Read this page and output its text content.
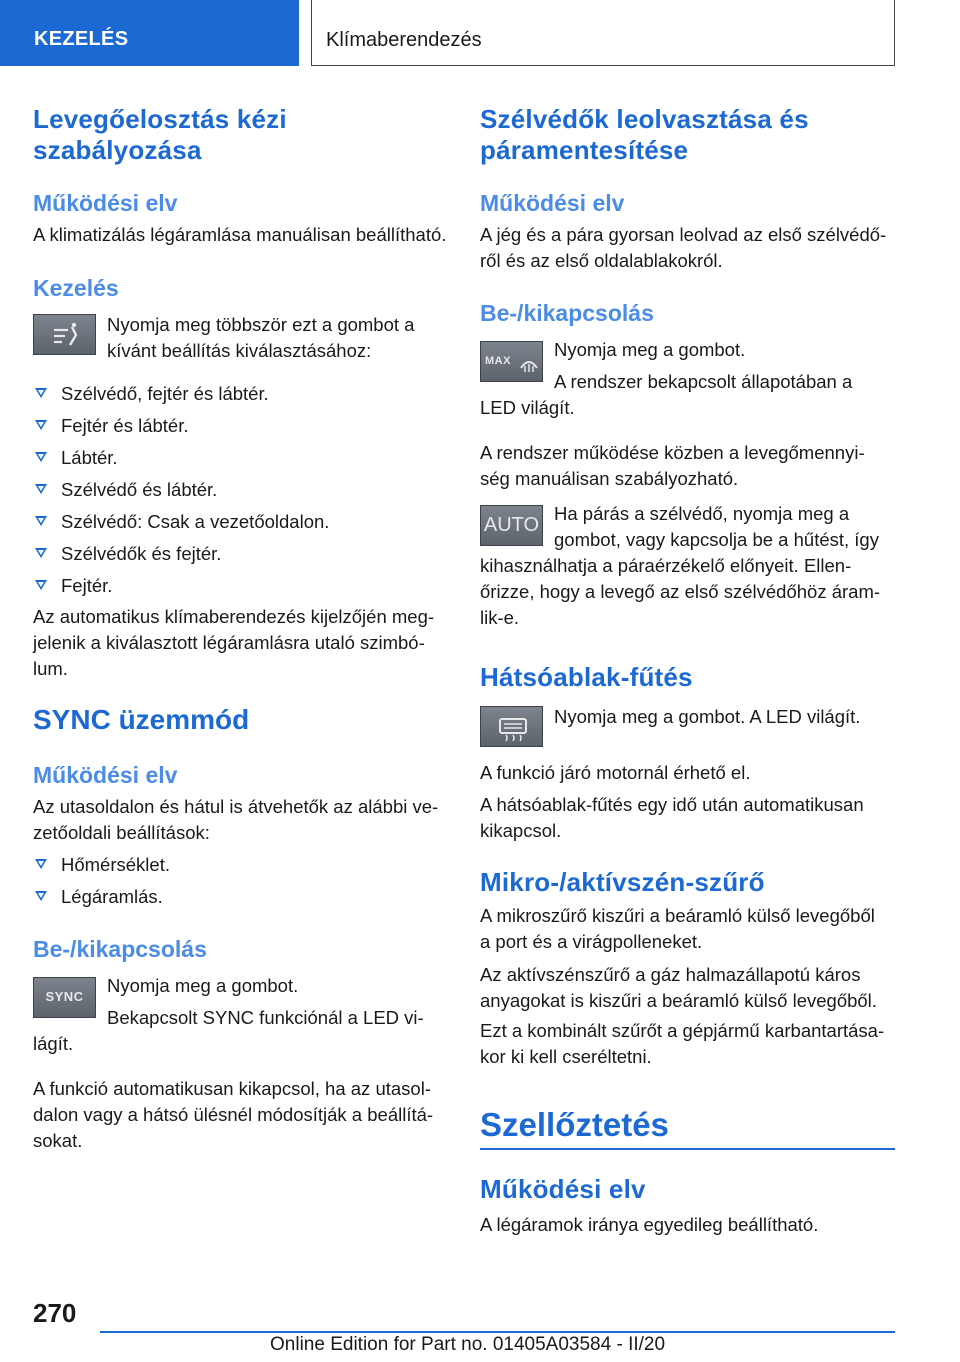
KEZELÉS	Klímaberendezés
Levegőelosztás kézi
szabályozása
Működési elv
A klimatizálás légáramlása manuálisan beállítható.
Kezelés
Nyomja meg többször ezt a gombot a
kívánt beállítás kiválasztásához:
Szélvédő, fejtér és lábtér.
Fejtér és lábtér.
Lábtér.
Szélvédő és lábtér.
Szélvédő: Csak a vezetőoldalon.
Szélvédők és fejtér.
Fejtér.
Az automatikus klímaberendezés kijelzőjén meg-
jelenik a kiválasztott légáramlásra utaló szimbó-
lum.
SYNC üzemmód
Működési elv
Az utasoldalon és hátul is átvehetők az alábbi ve-
zetőoldali beállítások:
Hőmérséklet.
Légáramlás.
Be-/kikapcsolás
SYNC
Nyomja meg a gombot.
Bekapcsolt SYNC funkciónál a LED vi-
lágít.
A funkció automatikusan kikapcsol, ha az utasol-
dalon vagy a hátsó ülésnél módosítják a beállítá-
sokat.
Szélvédők leolvasztása és
páramentesítése
Működési elv
A jég és a pára gyorsan leolvad az első szélvédő-
ről és az első oldalablakokról.
Be-/kikapcsolás
MAX
Nyomja meg a gombot.
A rendszer bekapcsolt állapotában a
LED világít.
A rendszer működése közben a levegőmennyi-
ség manuálisan szabályozható.
AUTO
Ha párás a szélvédő, nyomja meg a
gombot, vagy kapcsolja be a hűtést, így
kihasználhatja a páraérzékelő előnyeit. Ellen-
őrizze, hogy a levegő az első szélvédőhöz áram-
lik-e.
Hátsóablak-fűtés
Nyomja meg a gombot. A LED világít.
A funkció járó motornál érhető el.
A hátsóablak-fűtés egy idő után automatikusan
kikapcsol.
Mikro-/aktívszén-szűrő
A mikroszűrő kiszűri a beáramló külső levegőből
a port és a virágpolleneket.
Az aktívszénszűrő a gáz halmazállapotú káros
anyagokat is kiszűri a beáramló külső levegőből.
Ezt a kombinált szűrőt a gépjármű karbantartása-
kor ki kell cseréltetni.
Szellőztetés
Működési elv
A légáramok iránya egyedileg beállítható.
270
Online Edition for Part no. 01405A03584 - II/20
